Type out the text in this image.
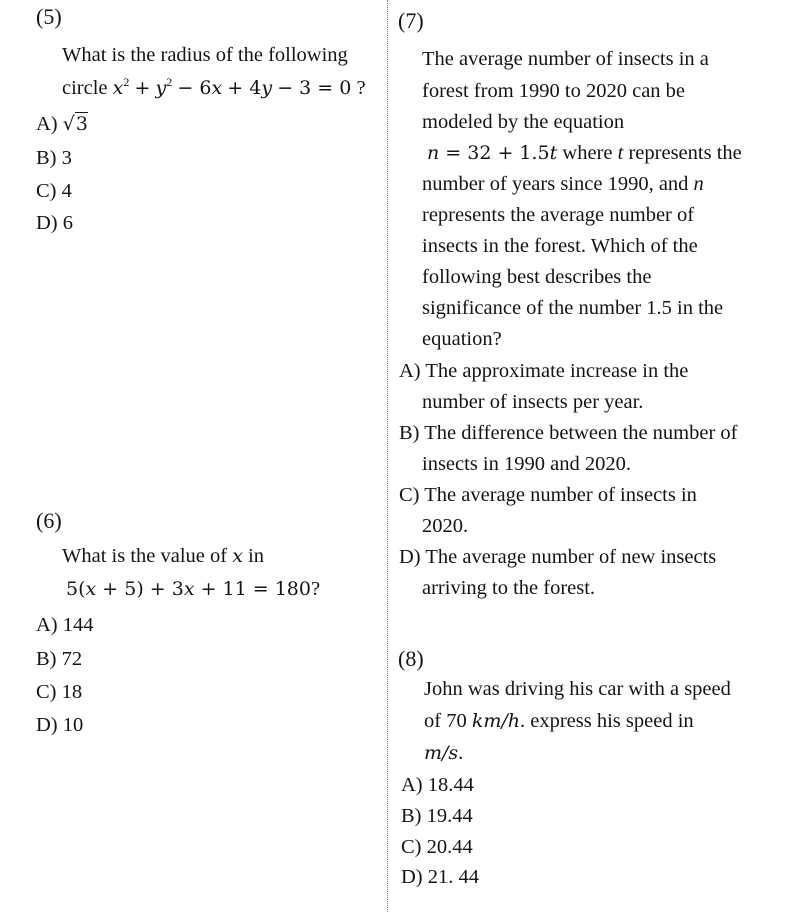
(5)
What is the radius of the following
circle $x^2 + y^2 - 6x + 4y - 3 = 0$ ?
A) √3
B) 3
C) 4
D) 6
(6)
What is the value of x in
5(x + 5) + 3x + 11 = 180?
A) 144
B) 72
C) 18
D) 10
(7)
The average number of insects in a
forest from 1990 to 2020 can be
modeled by the equation
n = 32 + 1.5t where t represents the
number of years since 1990, and n
represents the average number of
insects in the forest. Which of the
following best describes the
significance of the number 1.5 in the
equation?
A) The approximate increase in the
number of insects per year.
B) The difference between the number of
insects in 1990 and 2020.
C) The average number of insects in
2020.
D) The average number of new insects
arriving to the forest.
(8)
John was driving his car with a speed
of 70 km/h. express his speed in
m/s.
A) 18.44
B) 19.44
C) 20.44
D) 21. 44
